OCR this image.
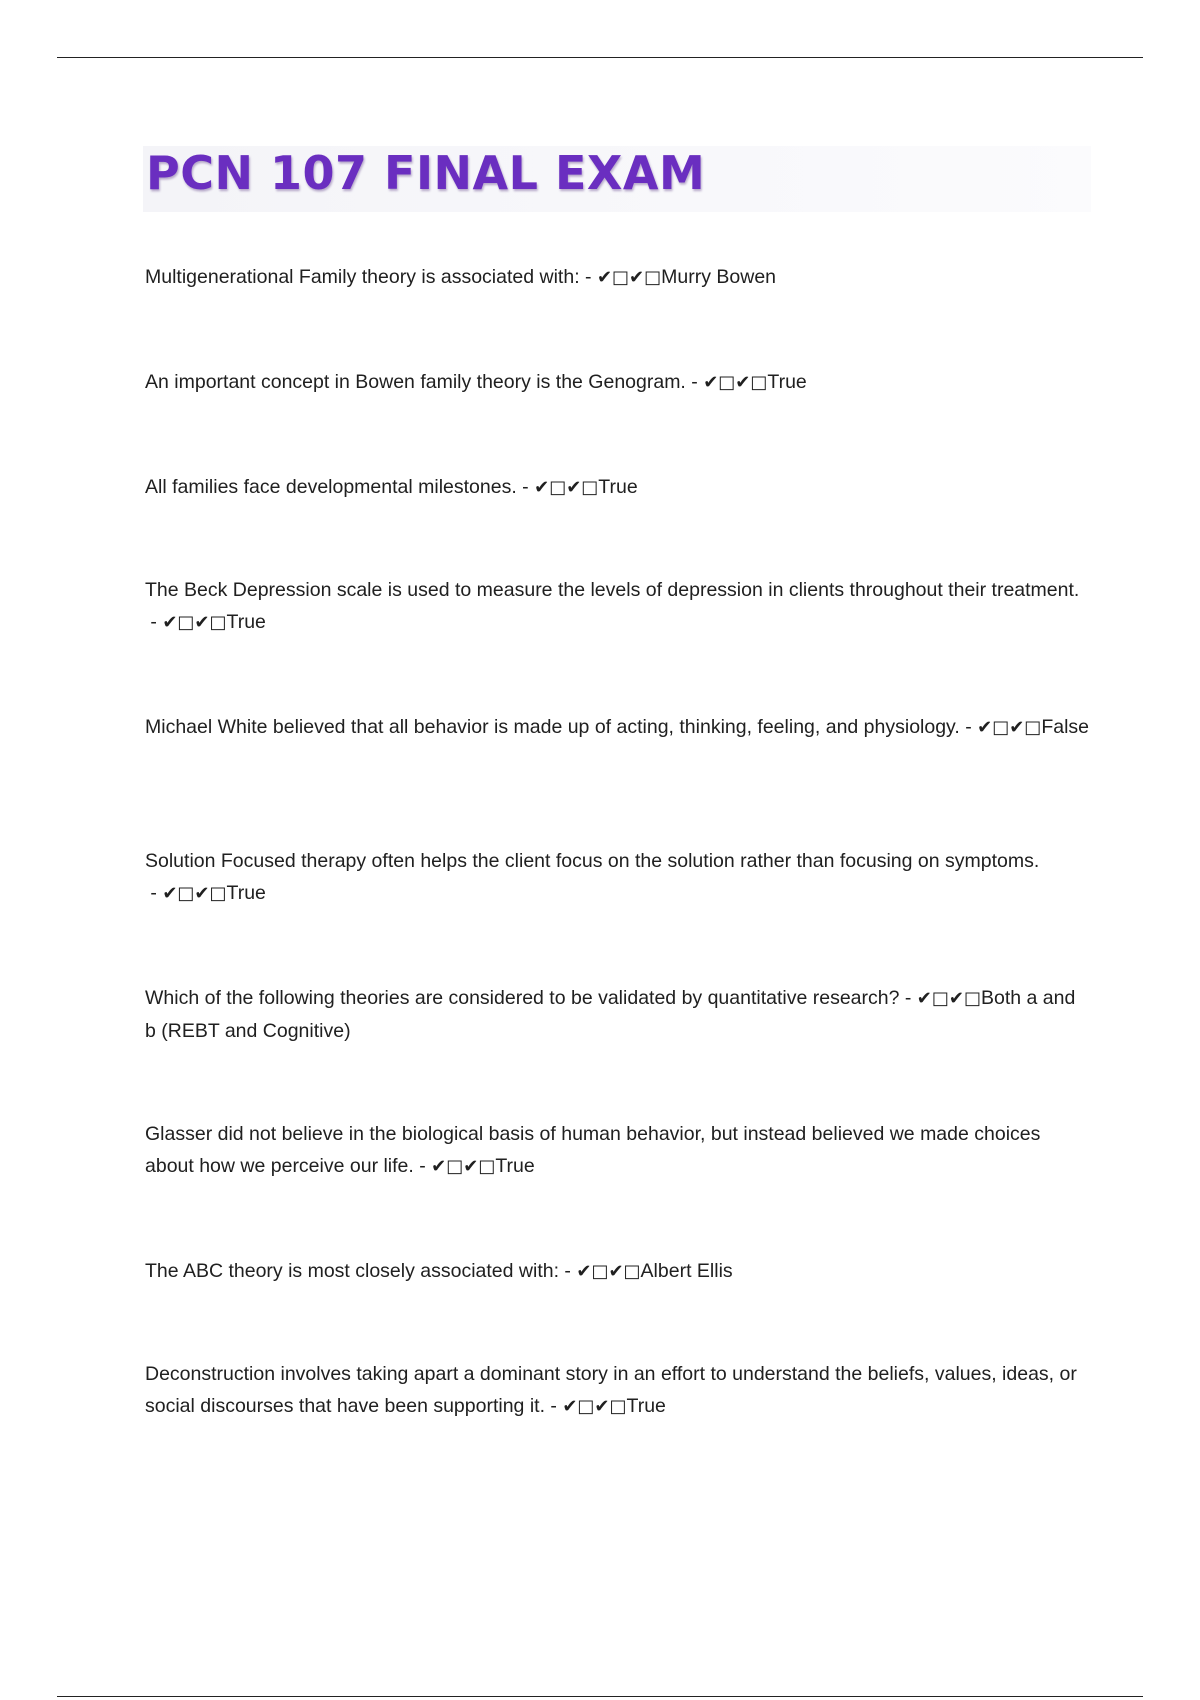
PCN 107 FINAL EXAM
Multigenerational Family theory is associated with: - ✔□✔□Murry Bowen
An important concept in Bowen family theory is the Genogram. - ✔□✔□True
All families face developmental milestones. - ✔□✔□True
The Beck Depression scale is used to measure the levels of depression in clients throughout their treatment. - ✔□✔□True
Michael White believed that all behavior is made up of acting, thinking, feeling, and physiology. - ✔□✔□False
Solution Focused therapy often helps the client focus on the solution rather than focusing on symptoms. - ✔□✔□True
Which of the following theories are considered to be validated by quantitative research? - ✔□✔□Both a and b (REBT and Cognitive)
Glasser did not believe in the biological basis of human behavior, but instead believed we made choices about how we perceive our life. - ✔□✔□True
The ABC theory is most closely associated with: - ✔□✔□Albert Ellis
Deconstruction involves taking apart a dominant story in an effort to understand the beliefs, values, ideas, or social discourses that have been supporting it. - ✔□✔□True
